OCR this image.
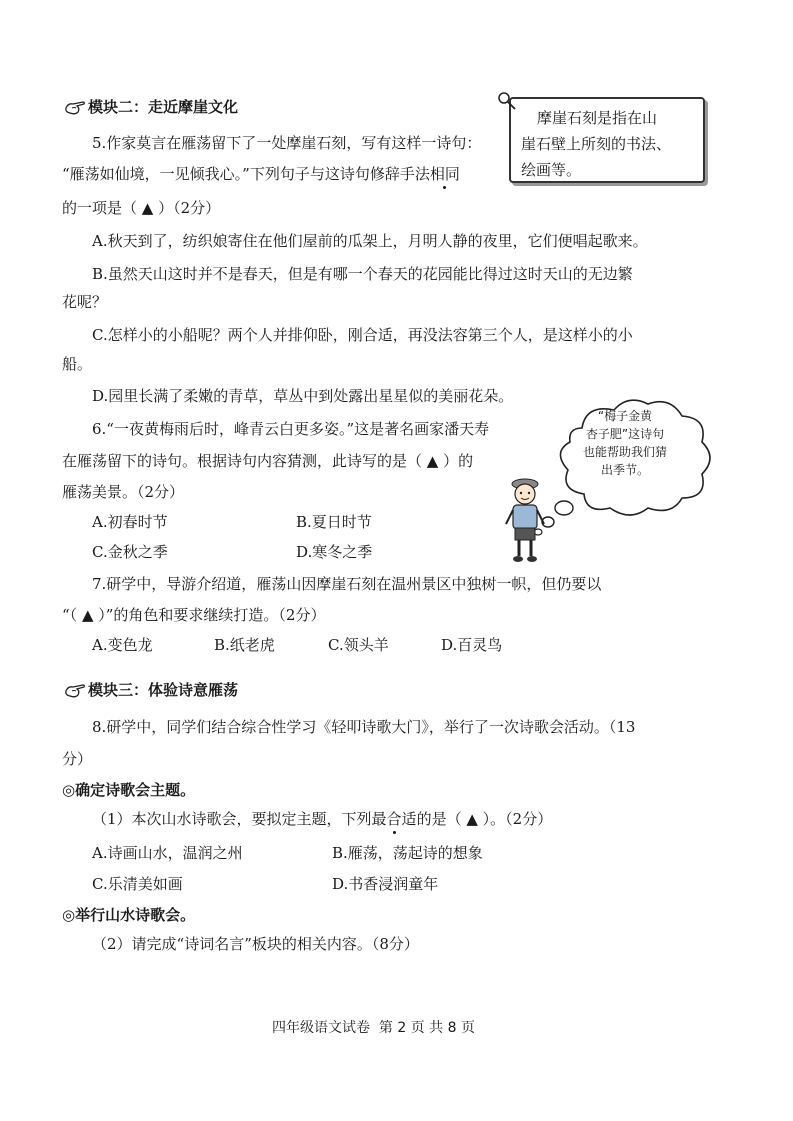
模块二：走近摩崖文化
摩崖石刻是指在山
崖石壁上所刻的书法、
绘画等。
5.作家莫言在雁荡留下了一处摩崖石刻，写有这样一诗句：
“雁荡如仙境，一见倾我心。”下列句子与这诗句修辞手法相同
的一项是（ ▲ ）（2分）
A.秋天到了，纺织娘寄住在他们屋前的瓜架上，月明人静的夜里，它们便唱起歌来。
B.虽然天山这时并不是春天，但是有哪一个春天的花园能比得过这时天山的无边繁
花呢？
C.怎样小的小船呢？两个人并排仰卧，刚合适，再没法容第三个人，是这样小的小
船。
D.园里长满了柔嫩的青草，草丛中到处露出星星似的美丽花朵。
6.“一夜黄梅雨后时，峰青云白更多姿。”这是著名画家潘天寿
在雁荡留下的诗句。根据诗句内容猜测，此诗写的是（ ▲ ）的
雁荡美景。（2分）
A.初春时节	B.夏日时节
C.金秋之季	D.寒冬之季
“梅子金黄
杏子肥”这诗句
也能帮助我们猜
出季节。
7.研学中，导游介绍道，雁荡山因摩崖石刻在温州景区中独树一帜，但仍要以
“（ ▲ ）”的角色和要求继续打造。（2分）
A.变色龙	B.纸老虎	C.领头羊	D.百灵鸟
模块三：体验诗意雁荡
8.研学中，同学们结合综合性学习《轻叩诗歌大门》，举行了一次诗歌会活动。（13
分）
◎确定诗歌会主题。
（1）本次山水诗歌会，要拟定主题，下列最合适的是（ ▲ ）。（2分）
A.诗画山水，温润之州	B.雁荡，荡起诗的想象
C.乐清美如画	D.书香浸润童年
◎举行山水诗歌会。
（2）请完成“诗词名言”板块的相关内容。（8分）
四年级语文试卷  第 2 页 共 8 页
